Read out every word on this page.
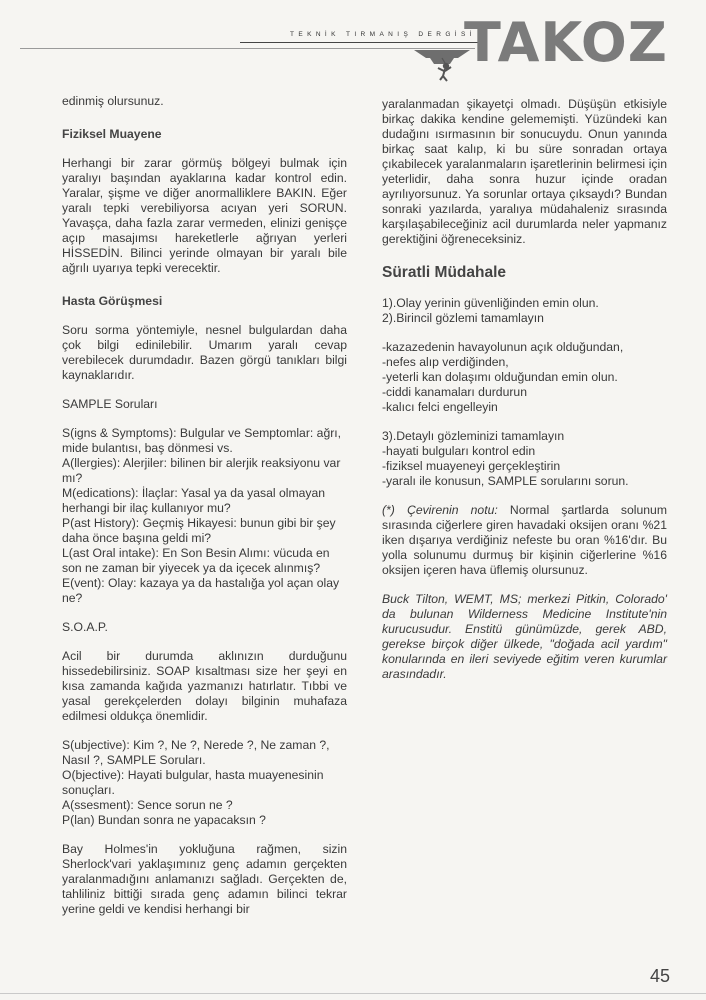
TEKNİK TIRMANIŞ DERGİSİ
TAKOZ

edinmiş olursunuz.

Fiziksel Muayene

Herhangi bir zarar görmüş bölgeyi bulmak için yaralıyı başından ayaklarına kadar kontrol edin. Yaralar, şişme ve diğer anormalliklere BAKIN. Eğer yaralı tepki verebiliyorsa acıyan yeri SORUN. Yavaşça, daha fazla zarar vermeden, elinizi genişçe açıp masajımsı hareketlerle ağrıyan yerleri HİSSEDİN. Bilinci yerinde olmayan bir yaralı bile ağrılı uyarıya tepki verecektir.

Hasta Görüşmesi

Soru sorma yöntemiyle, nesnel bulgulardan daha çok bilgi edinilebilir. Umarım yaralı cevap verebilecek durumdadır. Bazen görgü tanıkları bilgi kaynaklarıdır.

SAMPLE Soruları

S(igns & Symptoms): Bulgular ve Semptomlar: ağrı, mide bulantısı, baş dönmesi vs.
A(llergies): Alerjiler: bilinen bir alerjik reaksiyonu var mı?
M(edications): İlaçlar: Yasal ya da yasal olmayan herhangi bir ilaç kullanıyor mu?
P(ast History): Geçmiş Hikayesi: bunun gibi bir şey daha önce başına geldi mi?
L(ast Oral intake): En Son Besin Alımı: vücuda en son ne zaman bir yiyecek ya da içecek alınmış?
E(vent): Olay: kazaya ya da hastalığa yol açan olay ne?

S.O.A.P.

Acil bir durumda aklınızın durduğunu hissedebilirsiniz. SOAP kısaltması size her şeyi en kısa zamanda kağıda yazmanızı hatırlatır. Tıbbi ve yasal gerekçelerden dolayı bilginin muhafaza edilmesi oldukça önemlidir.

S(ubjective): Kim ?, Ne ?, Nerede ?, Ne zaman ?, Nasıl ?, SAMPLE Soruları.
O(bjective): Hayati bulgular, hasta muayenesinin sonuçları.
A(ssesment): Sence sorun ne ?
P(lan) Bundan sonra ne yapacaksın ?

Bay Holmes'in yokluğuna rağmen, sizin Sherlock'vari yaklaşımınız genç adamın gerçekten yaralanmadığını anlamanızı sağladı. Gerçekten de, tahliliniz bittiği sırada genç adamın bilinci tekrar yerine geldi ve kendisi herhangi bir

yaralanmadan şikayetçi olmadı. Düşüşün etkisiyle birkaç dakika kendine gelememişti. Yüzündeki kan dudağını ısırmasının bir sonucuydu. Onun yanında birkaç saat kalıp, ki bu süre sonradan ortaya çıkabilecek yaralanmaların işaretlerinin belirmesi için yeterlidir, daha sonra huzur içinde oradan ayrılıyorsunuz. Ya sorunlar ortaya çıksaydı? Bundan sonraki yazılarda, yaralıya müdahaleniz sırasında karşılaşabileceğiniz acil durumlarda neler yapmanız gerektiğini öğreneceksiniz.

Süratli Müdahale
1).Olay yerinin güvenliğinden emin olun.
2).Birincil gözlemi tamamlayın
-kazazedenin havayolunun açık olduğundan,
-nefes alıp verdiğinden,
-yeterli kan dolaşımı olduğundan emin olun.
-ciddi kanamaları durdurun
-kalıcı felci engelleyin
3).Detaylı gözleminizi tamamlayın
-hayati bulguları kontrol edin
-fiziksel muayeneyi gerçekleştirin
-yaralı ile konusun, SAMPLE sorularını sorun.

(*) Çevirenin notu: Normal şartlarda solunum sırasında ciğerlere giren havadaki oksijen oranı %21 iken dışarıya verdiğiniz nefeste bu oran %16'dır. Bu yolla solunumu durmuş bir kişinin ciğerlerine %16 oksijen içeren hava üflemiş olursunuz.

Buck Tilton, WEMT, MS; merkezi Pitkin, Colorado' da bulunan Wilderness Medicine Institute'nin kurucusudur. Enstitü günümüzde, gerek ABD, gerekse birçok diğer ülkede, "doğada acil yardım" konularında en ileri seviyede eğitim veren kurumlar arasındadır.

45
